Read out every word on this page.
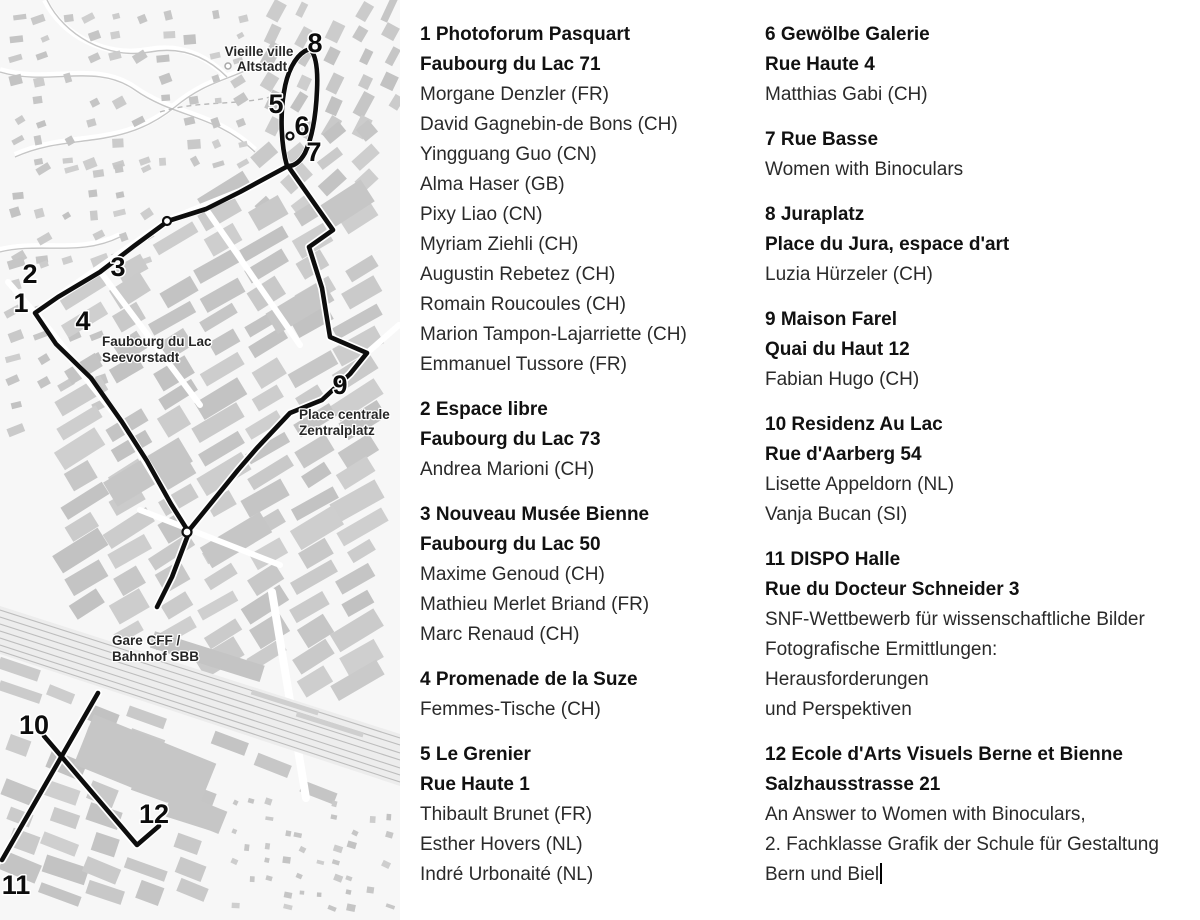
Vieille ville
Altstadt
Faubourg du Lac
Seevorstadt
Place centrale
Zentralplatz
Gare CFF /
Bahnhof SBB
1
2	3
4
5
6
7
8
9
10
11
12
1 Photoforum Pasquart
Faubourg du Lac 71
Morgane Denzler (FR)
David Gagnebin-de Bons (CH)
Yingguang Guo (CN)
Alma Haser (GB)
Pixy Liao (CN)
Myriam Ziehli (CH)
Augustin Rebetez (CH)
Romain Roucoules (CH)
Marion Tampon-Lajarriette (CH)
Emmanuel Tussore (FR)
2 Espace libre
Faubourg du Lac 73
Andrea Marioni (CH)
3 Nouveau Musée Bienne
Faubourg du Lac 50
Maxime Genoud (CH)
Mathieu Merlet Briand (FR)
Marc Renaud (CH)
4 Promenade de la Suze
Femmes-Tische (CH)
5 Le Grenier
Rue Haute 1
Thibault Brunet (FR)
Esther Hovers (NL)
Indré Urbonaité (NL)
6 Gewölbe Galerie
Rue Haute 4
Matthias Gabi (CH)
7 Rue Basse
Women with Binoculars
8 Juraplatz
Place du Jura, espace d'art
Luzia Hürzeler (CH)
9 Maison Farel
Quai du Haut 12
Fabian Hugo (CH)
10 Residenz Au Lac
Rue d'Aarberg 54
Lisette Appeldorn (NL)
Vanja Bucan (SI)
11 DISPO Halle
Rue du Docteur Schneider 3
SNF-Wettbewerb für wissenschaftliche Bilder
Fotografische Ermittlungen:
Herausforderungen
und Perspektiven
12 Ecole d'Arts Visuels Berne et Bienne
Salzhausstrasse 21
An Answer to Women with Binoculars,
2. Fachklasse Grafik der Schule für Gestaltung
Bern und Biel
